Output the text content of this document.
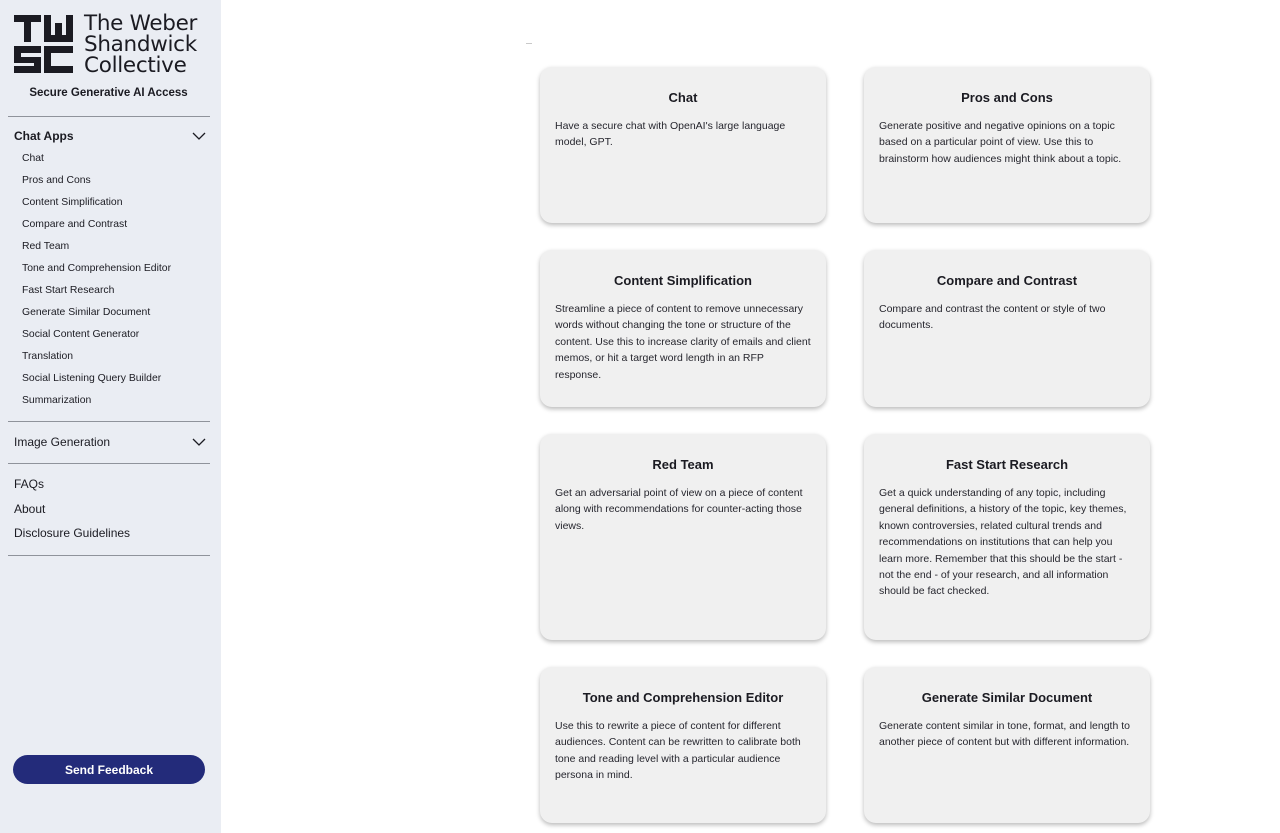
The Weber
Shandwick
Collective
Secure Generative AI Access
Chat Apps
Chat
Pros and Cons
Content Simplification
Compare and Contrast
Red Team
Tone and Comprehension Editor
Fast Start Research
Generate Similar Document
Social Content Generator
Translation
Social Listening Query Builder
Summarization
Image Generation
FAQs
About
Disclosure Guidelines
Send Feedback
Chat

Have a secure chat with OpenAI's large language model, GPT.

Pros and Cons

Generate positive and negative opinions on a topic based on a particular point of view. Use this to brainstorm how audiences might think about a topic.

Content Simplification

Streamline a piece of content to remove unnecessary words without changing the tone or structure of the content. Use this to increase clarity of emails and client memos, or hit a target word length in an RFP response.

Compare and Contrast

Compare and contrast the content or style of two documents.

Red Team

Get an adversarial point of view on a piece of content along with recommendations for counter-acting those views.

Fast Start Research

Get a quick understanding of any topic, including general definitions, a history of the topic, key themes, known controversies, related cultural trends and recommendations on institutions that can help you learn more. Remember that this should be the start - not the end - of your research, and all information should be fact checked.

Tone and Comprehension Editor

Use this to rewrite a piece of content for different audiences. Content can be rewritten to calibrate both tone and reading level with a particular audience persona in mind.

Generate Similar Document

Generate content similar in tone, format, and length to another piece of content but with different information.
